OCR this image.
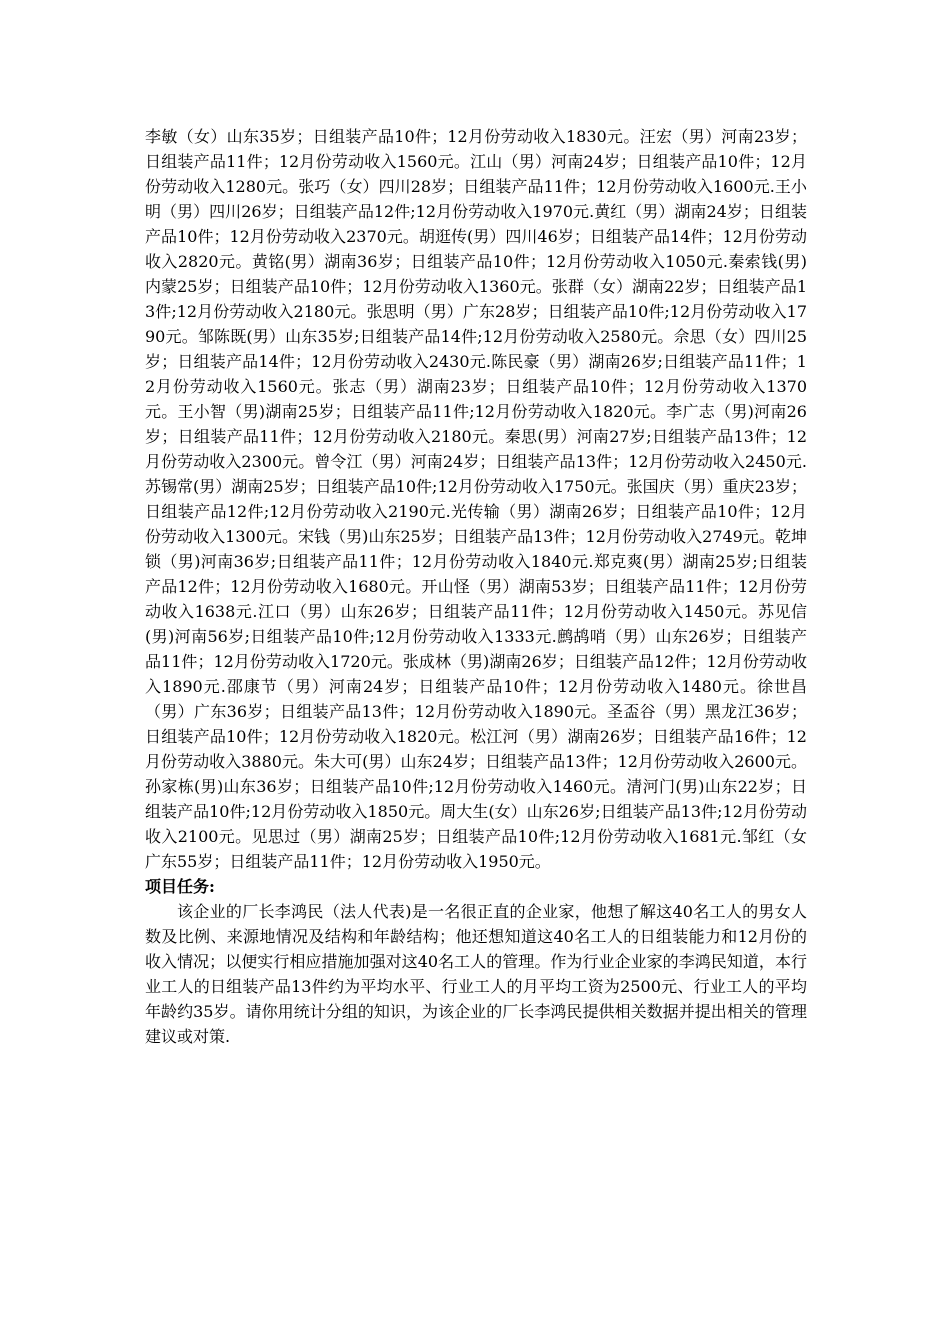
李敏（女）山东35岁；日组装产品10件；12月份劳动收入1830元。汪宏（男）河南23岁；日组装产品11件；12月份劳动收入1560元。江山（男）河南24岁；日组装产品10件；12月份劳动收入1280元。张巧（女）四川28岁；日组装产品11件；12月份劳动收入1600元.王小明（男）四川26岁；日组装产品12件;12月份劳动收入1970元.黄红（男）湖南24岁；日组装产品10件；12月份劳动收入2370元。胡逛传(男）四川46岁；日组装产品14件；12月份劳动收入2820元。黄铭(男）湖南36岁；日组装产品10件；12月份劳动收入1050元.秦索钱(男)内蒙25岁；日组装产品10件；12月份劳动收入1360元。张群（女）湖南22岁；日组装产品13件;12月份劳动收入2180元。张思明（男）广东28岁；日组装产品10件;12月份劳动收入1790元。邹陈既(男）山东35岁;日组装产品14件;12月份劳动收入2580元。佘思（女）四川25岁；日组装产品14件；12月份劳动收入2430元.陈民豪（男）湖南26岁;日组装产品11件；12月份劳动收入1560元。张志（男）湖南23岁；日组装产品10件；12月份劳动收入1370元。王小智（男)湖南25岁；日组装产品11件;12月份劳动收入1820元。李广志（男)河南26岁；日组装产品11件；12月份劳动收入2180元。秦思(男）河南27岁;日组装产品13件；12月份劳动收入2300元。曾令江（男）河南24岁；日组装产品13件；12月份劳动收入2450元.苏锡常(男）湖南25岁；日组装产品10件;12月份劳动收入1750元。张国庆（男）重庆23岁；日组装产品12件;12月份劳动收入2190元.光传输（男）湖南26岁；日组装产品10件；12月份劳动收入1300元。宋钱（男)山东25岁；日组装产品13件；12月份劳动收入2749元。乾坤锁（男)河南36岁;日组装产品11件；12月份劳动收入1840元.郑克爽(男）湖南25岁;日组装产品12件；12月份劳动收入1680元。开山怪（男）湖南53岁；日组装产品11件；12月份劳动收入1638元.江口（男）山东26岁；日组装产品11件；12月份劳动收入1450元。苏见信(男)河南56岁;日组装产品10件;12月份劳动收入1333元.鹧鸪哨（男）山东26岁；日组装产品11件；12月份劳动收入1720元。张成林（男)湖南26岁；日组装产品12件；12月份劳动收入1890元.邵康节（男）河南24岁；日组装产品10件；12月份劳动收入1480元。徐世昌（男）广东36岁；日组装产品13件；12月份劳动收入1890元。圣盃谷（男）黑龙江36岁；日组装产品10件；12月份劳动收入1820元。松江河（男）湖南26岁；日组装产品16件；12月份劳动收入3880元。朱大可(男）山东24岁；日组装产品13件；12月份劳动收入2600元。孙家栋(男)山东36岁；日组装产品10件;12月份劳动收入1460元。清河门(男)山东22岁；日组装产品10件;12月份劳动收入1850元。周大生(女）山东26岁;日组装产品13件;12月份劳动收入2100元。见思过（男）湖南25岁；日组装产品10件;12月份劳动收入1681元.邹红（女广东55岁；日组装产品11件；12月份劳动收入1950元。

项目任务:

该企业的厂长李鸿民（法人代表)是一名很正直的企业家，他想了解这40名工人的男女人数及比例、来源地情况及结构和年龄结构；他还想知道这40名工人的日组装能力和12月份的收入情况；以便实行相应措施加强对这40名工人的管理。作为行业企业家的李鸿民知道，本行业工人的日组装产品13件约为平均水平、行业工人的月平均工资为2500元、行业工人的平均年龄约35岁。请你用统计分组的知识，为该企业的厂长李鸿民提供相关数据并提出相关的管理建议或对策.
